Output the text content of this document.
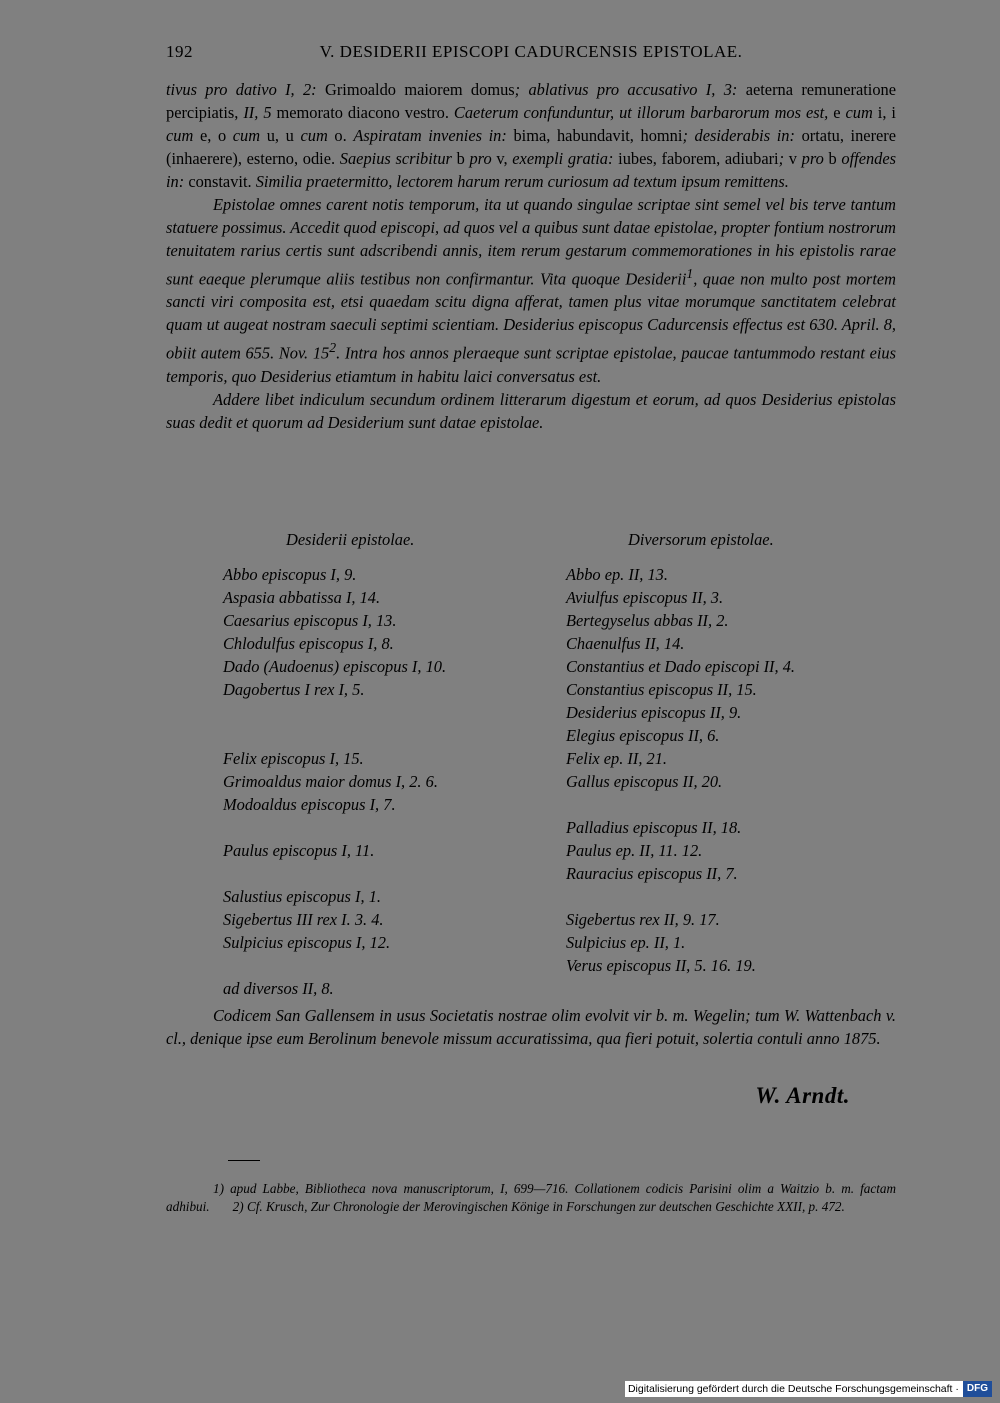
192	V. DESIDERII EPISCOPI CADURCENSIS EPISTOLAE.

tivus pro dativo I, 2: Grimoaldo maiorem domus; ablativus pro accusativo I, 3: aeterna remuneratione percipiatis, II, 5 memorato diacono vestro. Caeterum confunduntur, ut illorum barbarorum mos est, e cum i, i cum e, o cum u, u cum o. Aspiratam invenies in: bima, habundavit, homni; desiderabis in: ortatu, inerere (inhaerere), esterno, odie. Saepius scribitur b pro v, exempli gratia: iubes, faborem, adiubari; v pro b offendes in: constavit. Similia praetermitto, lectorem harum rerum curiosum ad textum ipsum remittens.

Epistolae omnes carent notis temporum, ita ut quando singulae scriptae sint semel vel bis terve tantum statuere possimus. Accedit quod episcopi, ad quos vel a quibus sunt datae epistolae, propter fontium nostrorum tenuitatem rarius certis sunt adscribendi annis, item rerum gestarum commemorationes in his epistolis rarae sunt eaeque plerumque aliis testibus non confirmantur. Vita quoque Desiderii$^1$, quae non multo post mortem sancti viri composita est, etsi quaedam scitu digna afferat, tamen plus vitae morumque sanctitatem celebrat quam ut augeat nostram saeculi septimi scientiam. Desiderius episcopus Cadurcensis effectus est 630. April. 8, obiit autem 655. Nov. $15^2$. Intra hos annos pleraeque sunt scriptae epistolae, paucae tantummodo restant eius temporis, quo Desiderius etiamtum in habitu laici conversatus est.

Addere libet indiculum secundum ordinem litterarum digestum et eorum, ad quos Desiderius epistolas suas dedit et quorum ad Desiderium sunt datae epistolae.

Desiderii epistolae.
Abbo episcopus I, 9.
Aspasia abbatissa I, 14.
Caesarius episcopus I, 13.
Chlodulfus episcopus I, 8.
Dado (Audoenus) episcopus I, 10.
Dagobertus I rex I, 5.
Felix episcopus I, 15.
Grimoaldus maior domus I, 2. 6.
Modoaldus episcopus I, 7.
Paulus episcopus I, 11.
Salustius episcopus I, 1.
Sigebertus III rex I. 3. 4.
Sulpicius episcopus I, 12.
ad diversos II, 8.
Diversorum epistolae.
Abbo ep. II, 13.
Aviulfus episcopus II, 3.
Bertegyselus abbas II, 2.
Chaenulfus II, 14.
Constantius et Dado episcopi II, 4.
Constantius episcopus II, 15.
Desiderius episcopus II, 9.
Elegius episcopus II, 6.
Felix ep. II, 21.
Gallus episcopus II, 20.
Palladius episcopus II, 18.
Paulus ep. II, 11. 12.
Rauracius episcopus II, 7.
Sigebertus rex II, 9. 17.
Sulpicius ep. II, 1.
Verus episcopus II, 5. 16. 19.
Codicem San Gallensem in usus Societatis nostrae olim evolvit vir b. m. Wegelin; tum W. Wattenbach v. cl., denique ipse eum Berolinum benevole missum accuratissima, qua fieri potuit, solertia contuli anno 1875.
W. Arndt.

1) apud Labbe, Bibliotheca nova manuscriptorum, I, 699—716. Collationem codicis Parisini olim a Waitzio b. m. factam adhibui. 2) Cf. Krusch, Zur Chronologie der Merovingischen Könige in Forschungen zur deutschen Geschichte XXII, p. 472.

Digitalisierung gefördert durch die Deutsche Forschungsgemeinschaft · DFG
